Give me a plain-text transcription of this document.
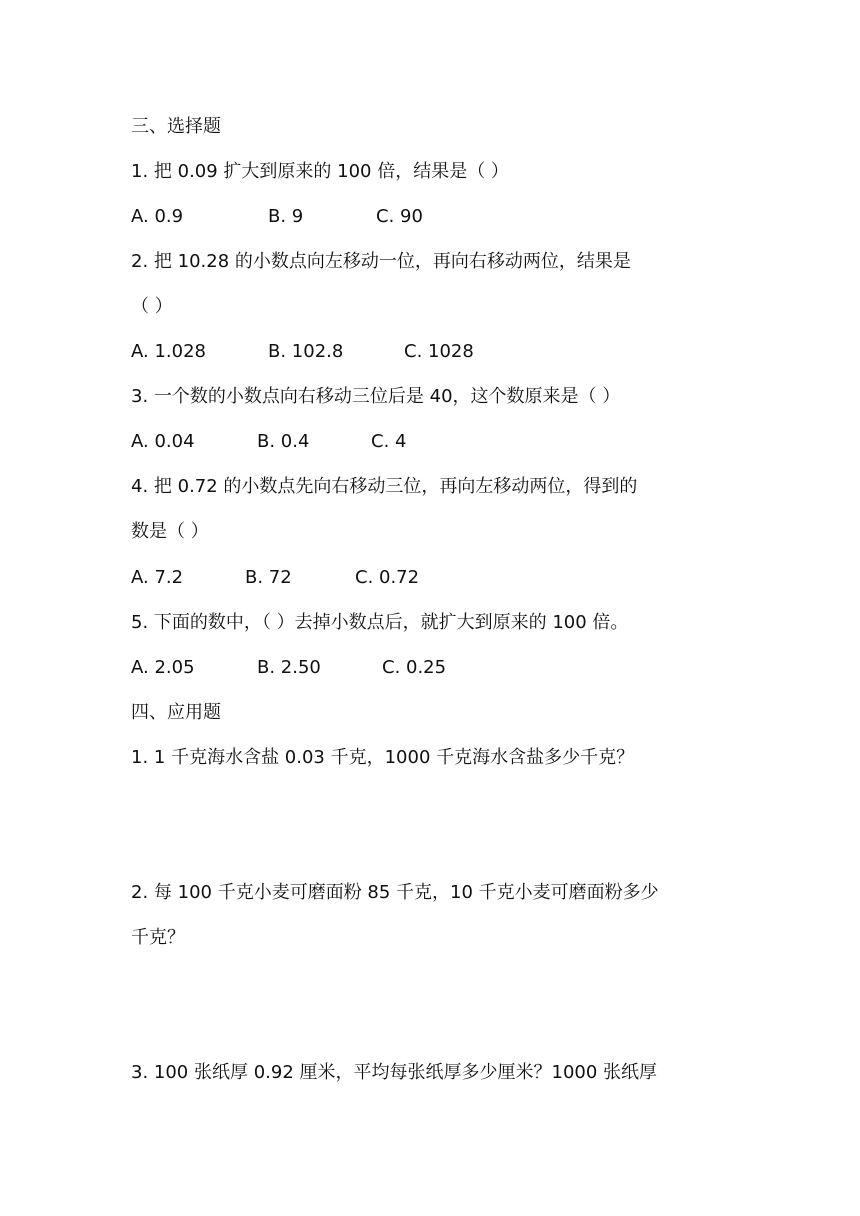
三、选择题
1. 把 0.09 扩大到原来的 100 倍，结果是（ ）
A. 0.9	B. 9	C. 90
2. 把 10.28 的小数点向左移动一位，再向右移动两位，结果是
（ ）
A. 1.028	B. 102.8	C. 1028
3. 一个数的小数点向右移动三位后是 40，这个数原来是（ ）
A. 0.04	B. 0.4	C. 4
4. 把 0.72 的小数点先向右移动三位，再向左移动两位，得到的
数是（ ）
A. 7.2	B. 72	C. 0.72
5. 下面的数中，（ ）去掉小数点后，就扩大到原来的 100 倍。
A. 2.05	B. 2.50	C. 0.25
四、应用题
1. 1 千克海水含盐 0.03 千克，1000 千克海水含盐多少千克？
2. 每 100 千克小麦可磨面粉 85 千克，10 千克小麦可磨面粉多少
千克？
3. 100 张纸厚 0.92 厘米，平均每张纸厚多少厘米？1000 张纸厚
